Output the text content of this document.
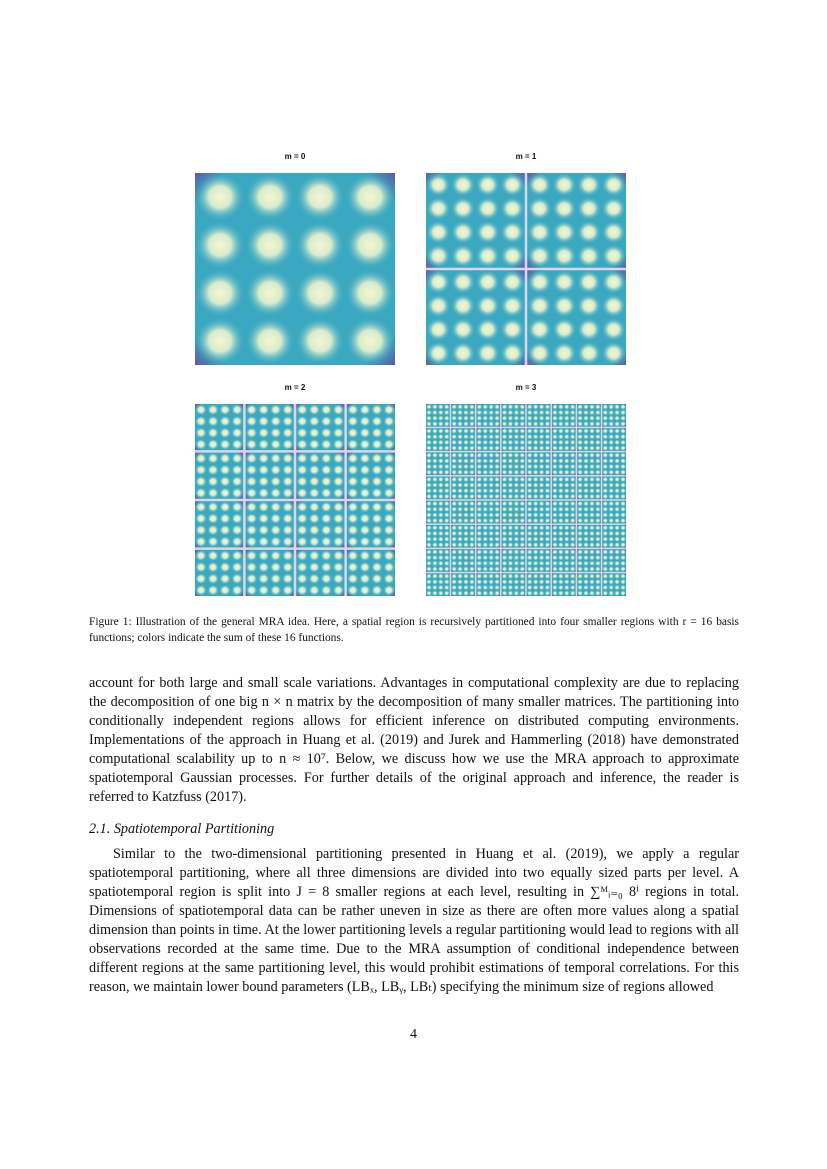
m = 0	m = 1
m = 2	m = 3

Figure 1: Illustration of the general MRA idea. Here, a spatial region is recursively partitioned into four smaller regions with r = 16 basis functions; colors indicate the sum of these 16 functions.

account for both large and small scale variations. Advantages in computational complexity are due to replacing the decomposition of one big n × n matrix by the decomposition of many smaller matrices. The partitioning into conditionally independent regions allows for efficient inference on distributed computing environments. Implementations of the approach in Huang et al. (2019) and Jurek and Hammerling (2018) have demonstrated computational scalability up to n ≈ 10⁷. Below, we discuss how we use the MRA approach to approximate spatiotemporal Gaussian processes. For further details of the original approach and inference, the reader is referred to Katzfuss (2017).

2.1. Spatiotemporal Partitioning

Similar to the two-dimensional partitioning presented in Huang et al. (2019), we apply a regular spatiotemporal partitioning, where all three dimensions are divided into two equally sized parts per level. A spatiotemporal region is split into J = 8 smaller regions at each level, resulting in ∑ᴹᵢ₌₀ 8ⁱ regions in total. Dimensions of spatiotemporal data can be rather uneven in size as there are often more values along a spatial dimension than points in time. At the lower partitioning levels a regular partitioning would lead to regions with all observations recorded at the same time. Due to the MRA assumption of conditional independence between different regions at the same partitioning level, this would prohibit estimations of temporal correlations. For this reason, we maintain lower bound parameters (LBₓ, LBᵧ, LBₜ) specifying the minimum size of regions allowed

4
